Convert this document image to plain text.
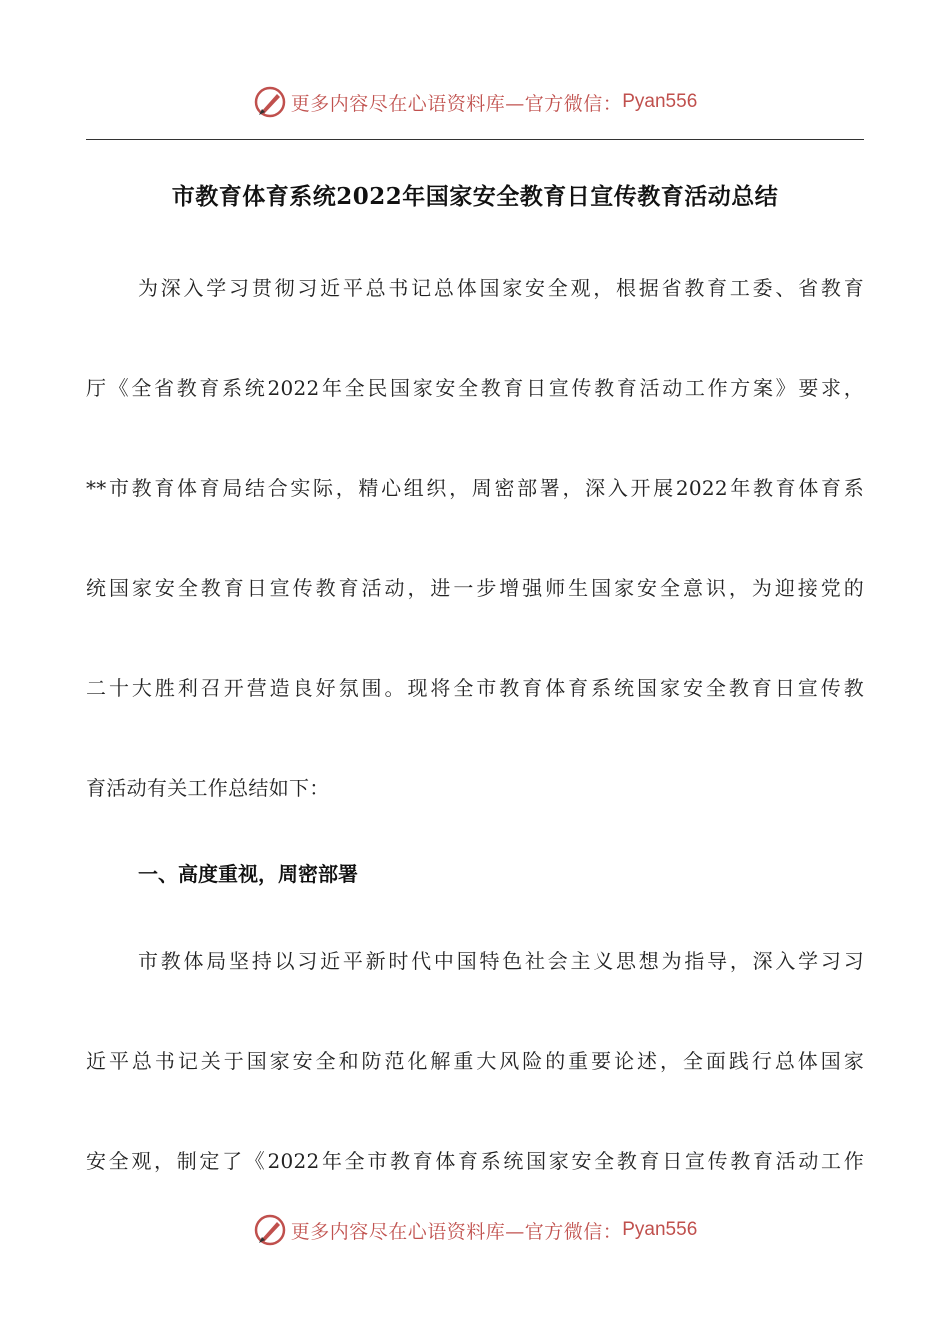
更多内容尽在心语资料库—官方微信： Pyan556
市教育体育系统2022年国家安全教育日宣传教育活动总结
为深入学习贯彻习近平总书记总体国家安全观，根据省教育工委、省教育
厅《全省教育系统2022年全民国家安全教育日宣传教育活动工作方案》要求，
**市教育体育局结合实际，精心组织，周密部署，深入开展2022年教育体育系
统国家安全教育日宣传教育活动，进一步增强师生国家安全意识，为迎接党的
二十大胜利召开营造良好氛围。现将全市教育体育系统国家安全教育日宣传教
育活动有关工作总结如下：
一、高度重视，周密部署
市教体局坚持以习近平新时代中国特色社会主义思想为指导，深入学习习
近平总书记关于国家安全和防范化解重大风险的重要论述，全面践行总体国家
安全观，制定了《2022年全市教育体育系统国家安全教育日宣传教育活动工作
更多内容尽在心语资料库—官方微信： Pyan556
